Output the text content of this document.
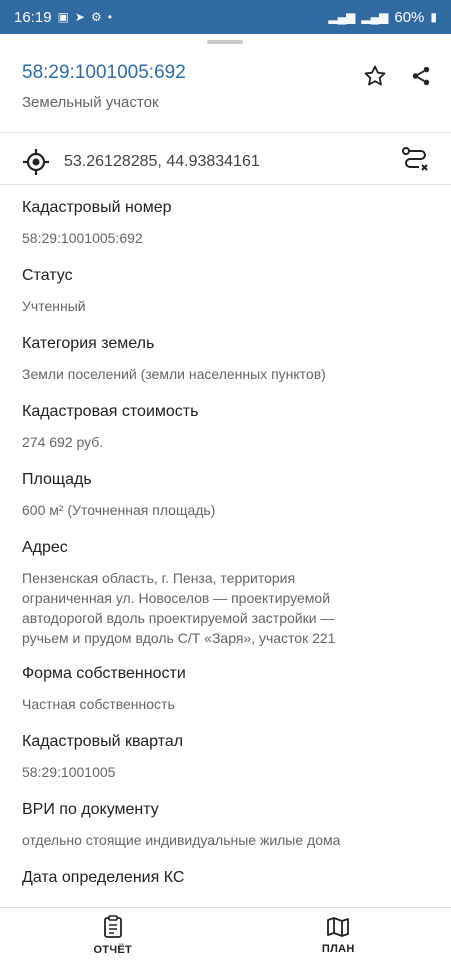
16:19 ▣ ➤ ⚙ •	▂▄▆ ▂▄▆ 60% ▮
58:29:1001005:692
Земельный участок
53.26128285, 44.93834161
Кадастровый номер
58:29:1001005:692
Статус
Учтенный
Категория земель
Земли поселений (земли населенных пунктов)
Кадастровая стоимость
274 692 руб.
Площадь
600 м² (Уточненная площадь)
Адрес
Пензенская область, г. Пенза, территория
ограниченная ул. Новоселов — проектируемой
автодорогой вдоль проектируемой застройки —
ручьем и прудом вдоль С/Т «Заря», участок 221
Форма собственности
Частная собственность
Кадастровый квартал
58:29:1001005
ВРИ по документу
отдельно стоящие индивидуальные жилые дома
Дата определения КС
ОТЧЁТ	ПЛАН
